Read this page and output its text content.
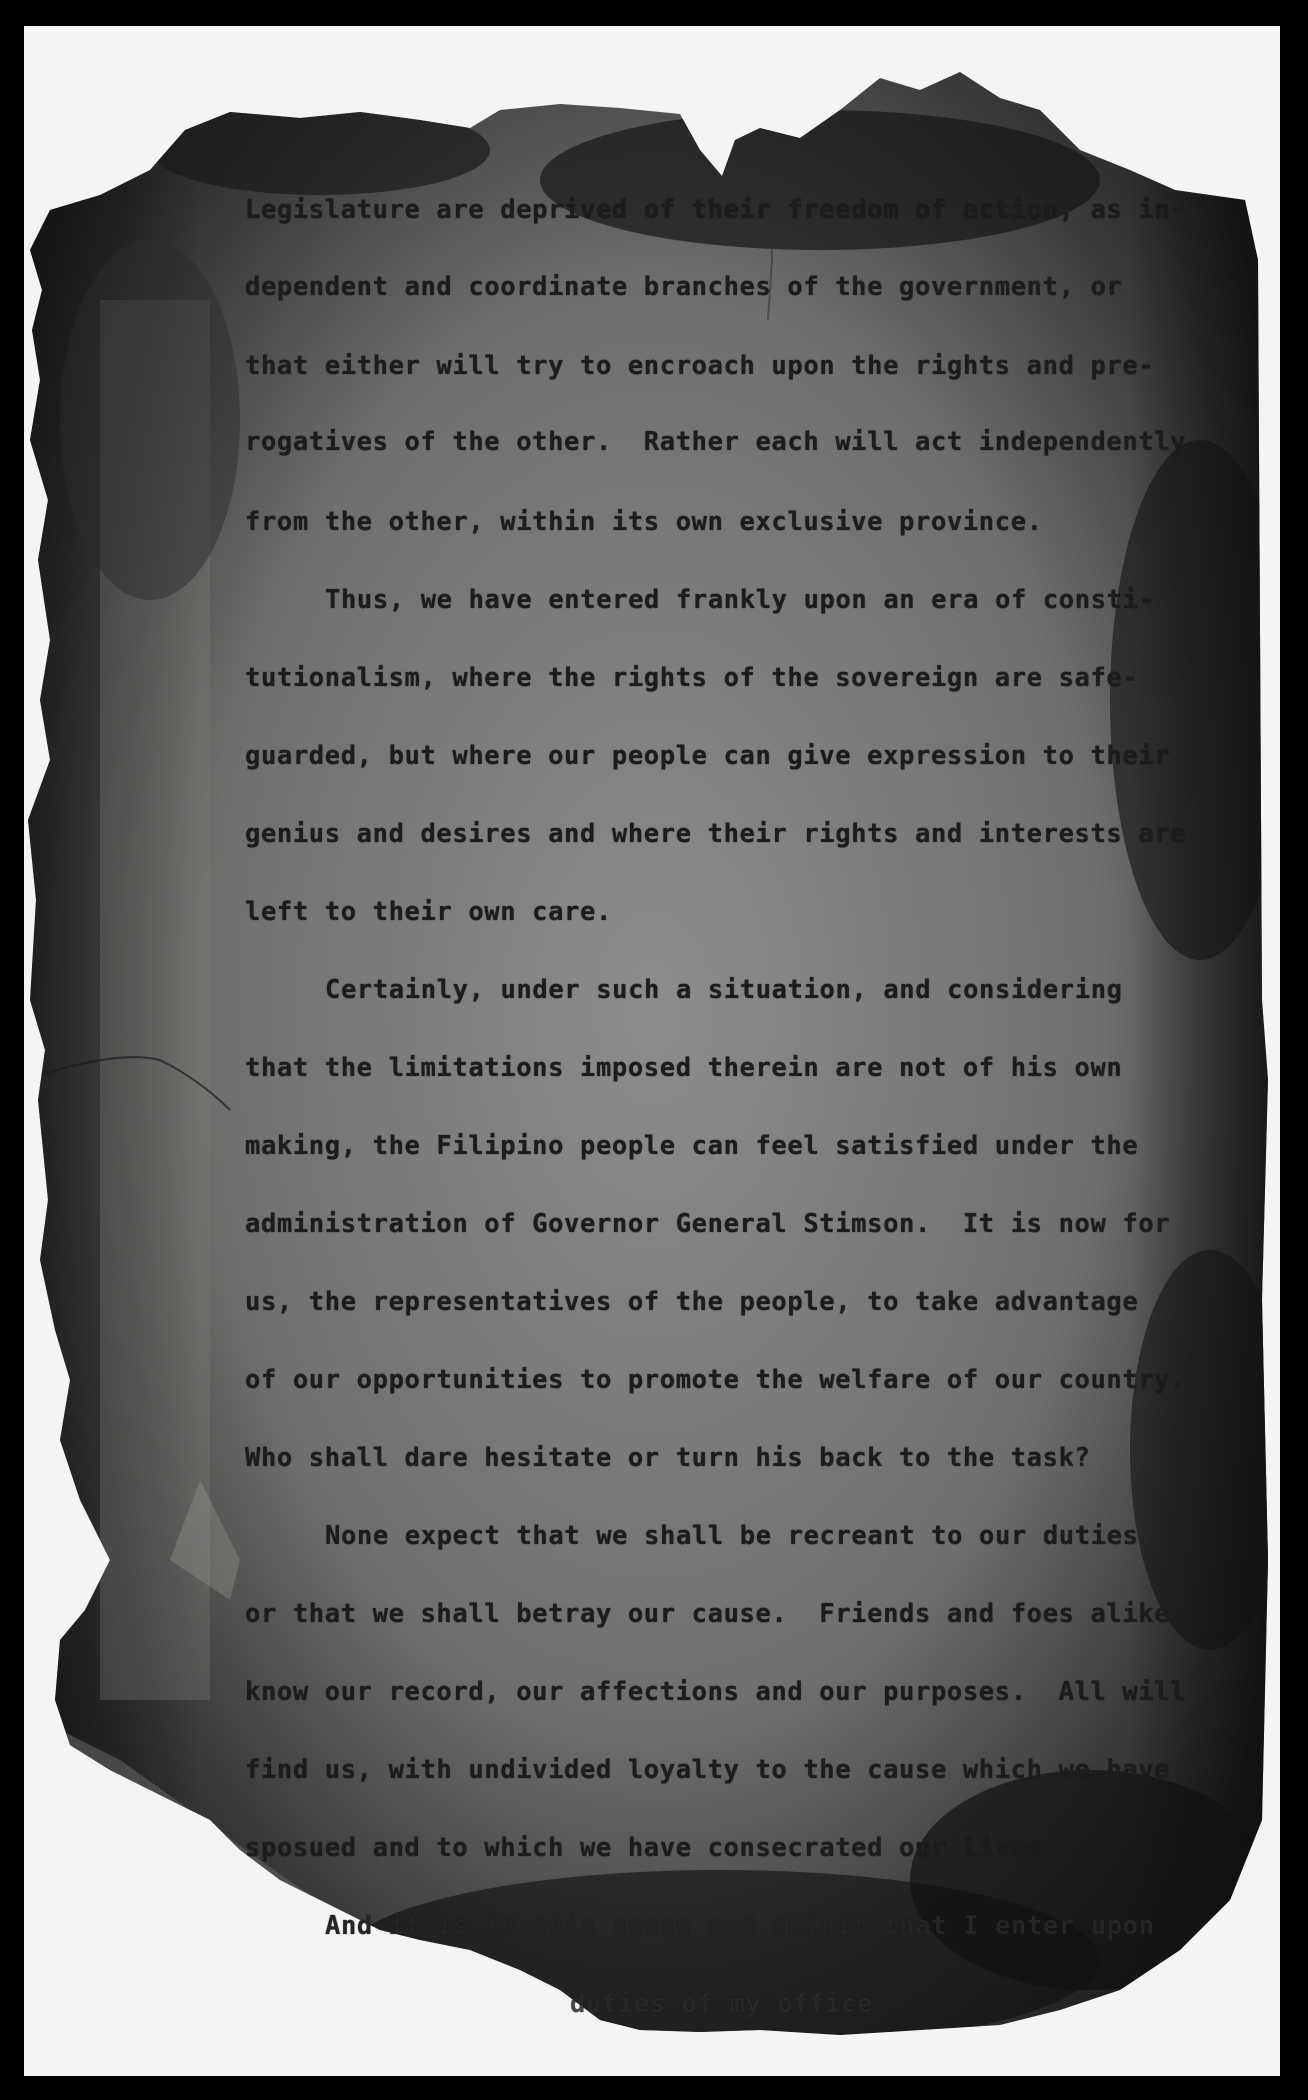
Legislature are deprived of their freedom of action, as in-
dependent and coordinate branches of the government, or
that either will try to encroach upon the rights and pre-
rogatives of the other.  Rather each will act independently
from the other, within its own exclusive province.
Thus, we have entered frankly upon an era of consti-
tutionalism, where the rights of the sovereign are safe-
guarded, but where our people can give expression to their
genius and desires and where their rights and interests are
left to their own care.
Certainly, under such a situation, and considering
that the limitations imposed therein are not of his own
making, the Filipino people can feel satisfied under the
administration of Governor General Stimson.  It is now for
us, the representatives of the people, to take advantage
of our opportunities to promote the welfare of our country.
Who shall dare hesitate or turn his back to the task?
None expect that we shall be recreant to our duties
or that we shall betray our cause.  Friends and foes alike
know our record, our affections and our purposes.  All will
find us, with undivided loyalty to the cause which we have
sposued and to which we have consecrated our lives.
And it is in this sense and spirit that I enter upon
duties of my office
